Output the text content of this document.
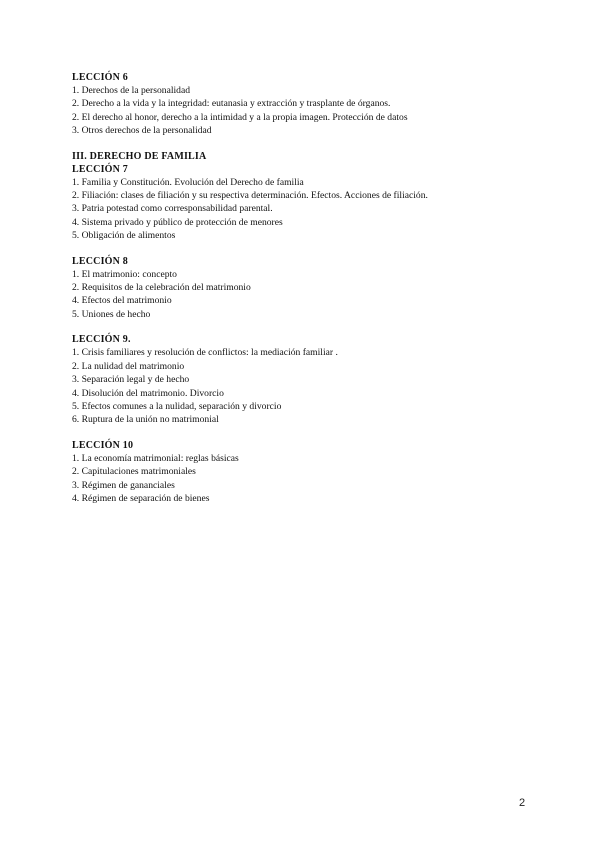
LECCIÓN 6
1. Derechos de la personalidad
2. Derecho a la vida y la integridad: eutanasia y extracción y trasplante de órganos.
2. El derecho al honor, derecho a la intimidad y a la propia imagen. Protección de datos
3. Otros derechos de la personalidad
III. DERECHO DE FAMILIA
LECCIÓN 7
1. Familia y Constitución. Evolución del Derecho de familia
2. Filiación: clases de filiación y su respectiva determinación. Efectos. Acciones de filiación.
3. Patria potestad como corresponsabilidad parental.
4. Sistema privado y público de protección de menores
5. Obligación de alimentos
LECCIÓN 8
1. El matrimonio: concepto
2. Requisitos de la celebración del matrimonio
4. Efectos del matrimonio
5. Uniones de hecho
LECCIÓN 9.
1. Crisis familiares y resolución de conflictos: la mediación familiar .
2. La nulidad del matrimonio
3. Separación legal y de hecho
4. Disolución del matrimonio. Divorcio
5. Efectos comunes a la nulidad, separación y divorcio
6. Ruptura de la unión no matrimonial
LECCIÓN 10
1. La economía matrimonial: reglas básicas
2. Capitulaciones matrimoniales
3. Régimen de gananciales
4. Régimen de separación de bienes
2
